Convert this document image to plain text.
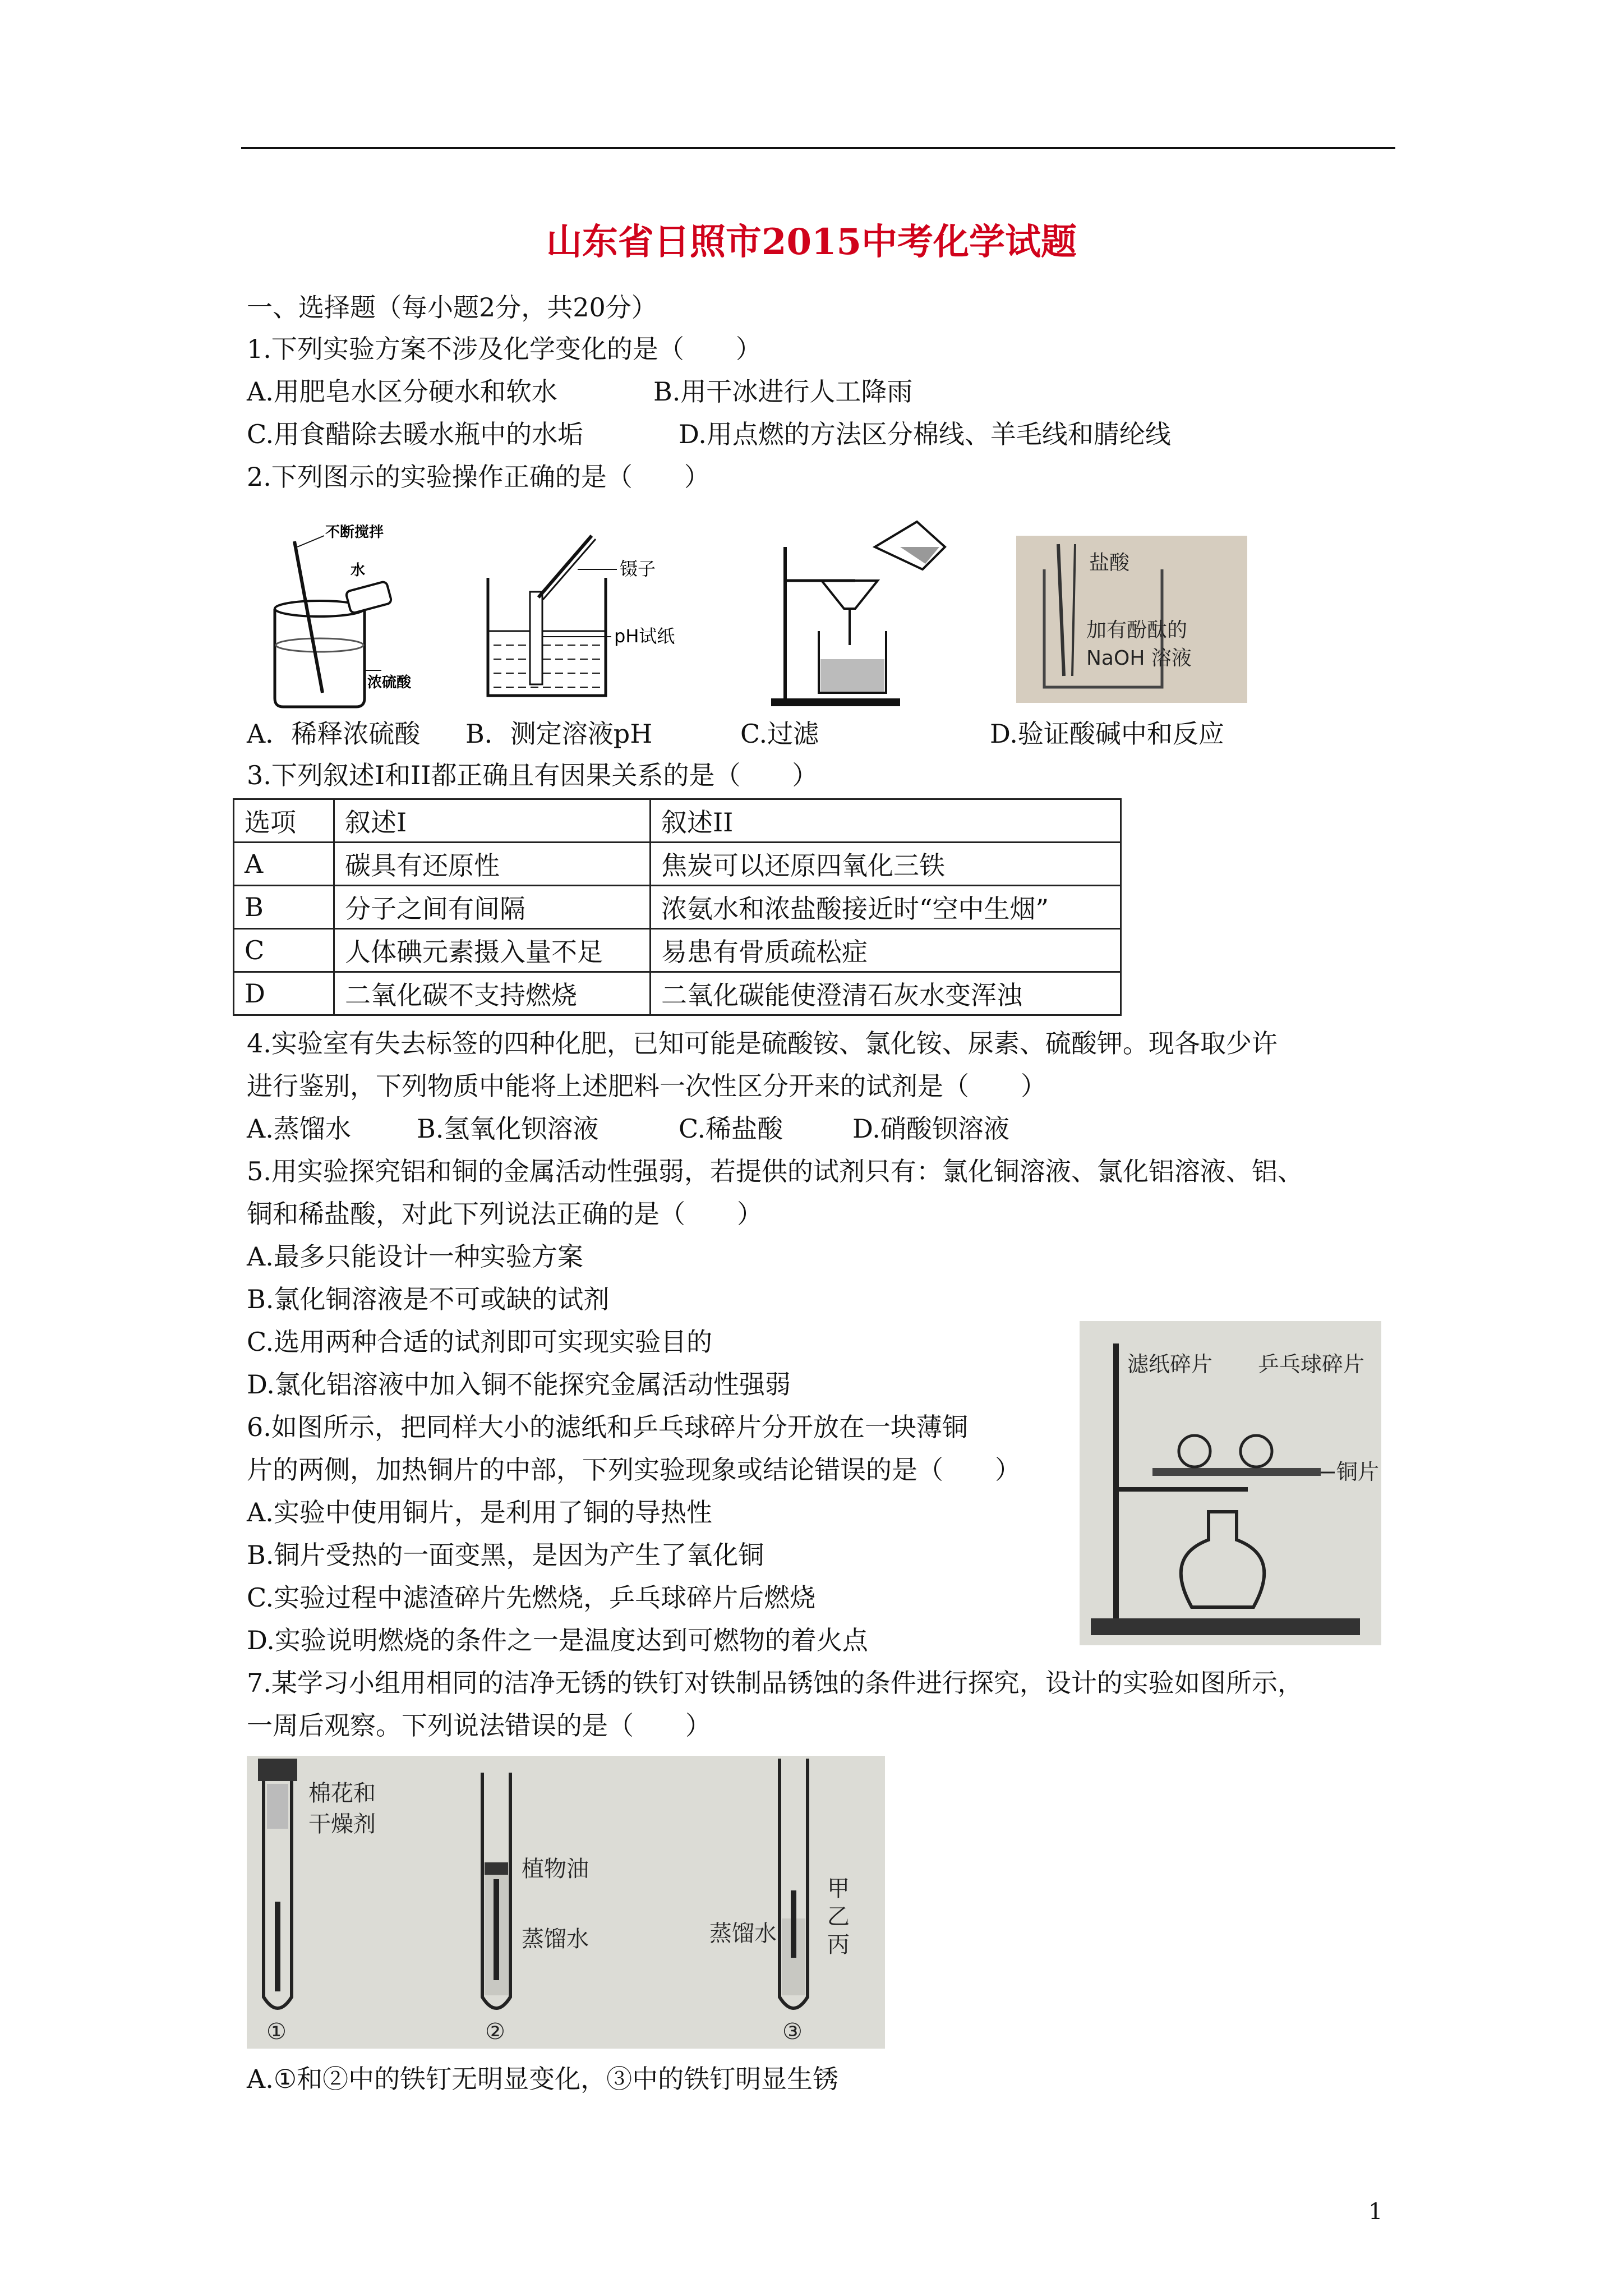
山东省日照市2015中考化学试题
一、选择题（每小题2分，共20分）
1.下列实验方案不涉及化学变化的是（　　）
A.用肥皂水区分硬水和软水	B.用干冰进行人工降雨
C.用食醋除去暖水瓶中的水垢	D.用点燃的方法区分棉线、羊毛线和腈纶线
2.下列图示的实验操作正确的是（　　）
不断搅拌
水
浓硫酸
镊子
pH试纸
盐酸
加有酚酞的
NaOH 溶液
A．稀释浓硫酸 B．测定溶液pH	C.过滤	D.验证酸碱中和反应
3.下列叙述I和II都正确且有因果关系的是（　　）
选项	叙述I	叙述II
A	碳具有还原性	焦炭可以还原四氧化三铁
B	分子之间有间隔	浓氨水和浓盐酸接近时“空中生烟”
C	人体碘元素摄入量不足	易患有骨质疏松症
D	二氧化碳不支持燃烧	二氧化碳能使澄清石灰水变浑浊
4.实验室有失去标签的四种化肥，已知可能是硫酸铵、氯化铵、尿素、硫酸钾。现各取少许
进行鉴别，下列物质中能将上述肥料一次性区分开来的试剂是（　　）
A.蒸馏水	B.氢氧化钡溶液	C.稀盐酸	D.硝酸钡溶液
5.用实验探究铝和铜的金属活动性强弱，若提供的试剂只有：氯化铜溶液、氯化铝溶液、铝、
铜和稀盐酸，对此下列说法正确的是（　　）
A.最多只能设计一种实验方案
B.氯化铜溶液是不可或缺的试剂
C.选用两种合适的试剂即可实现实验目的
D.氯化铝溶液中加入铜不能探究金属活动性强弱
滤纸碎片 乒乓球碎片
铜片
6.如图所示，把同样大小的滤纸和乒乓球碎片分开放在一块薄铜
片的两侧，加热铜片的中部，下列实验现象或结论错误的是（　　）
A.实验中使用铜片，是利用了铜的导热性
B.铜片受热的一面变黑，是因为产生了氧化铜
C.实验过程中滤渣碎片先燃烧，乒乓球碎片后燃烧
D.实验说明燃烧的条件之一是温度达到可燃物的着火点
7.某学习小组用相同的洁净无锈的铁钉对铁制品锈蚀的条件进行探究，设计的实验如图所示，
一周后观察。下列说法错误的是（　　）
棉花和
干燥剂
①
植物油
蒸馏水
②
蒸馏水
甲
乙
丙
③
A.①和②中的铁钉无明显变化，③中的铁钉明显生锈
1
